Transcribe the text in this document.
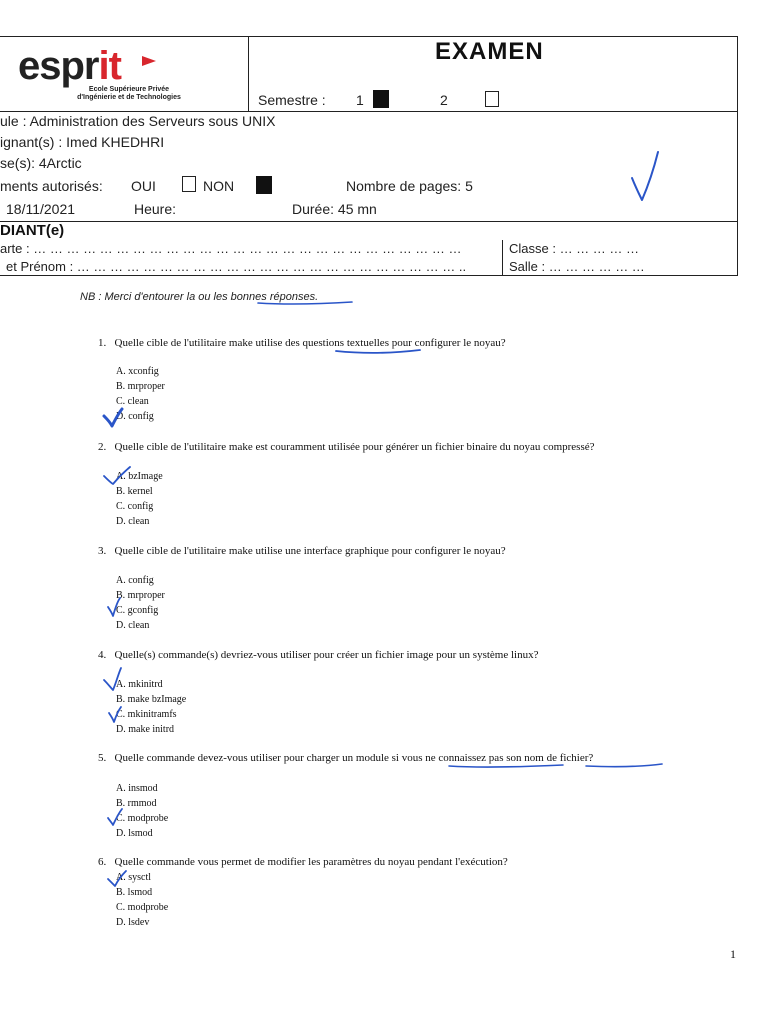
esprit
Ecole Supérieure Privée
d'Ingénierie et de Technologies
EXAMEN
Semestre : 1	2
ule : Administration des Serveurs sous UNIX
ignant(s) : Imed KHEDHRI
se(s): 4Arctic
ments autorisés: OUI	NON	Nombre de pages: 5
18/11/2021	Heure:	Durée: 45 mn
DIANT(e)
arte : … … … … … … … … … … … … … … … … … … … … … … … … … …
et Prénom : … … … … … … … … … … … … … … … … … … … … … … … ..
Classe : … … … … …
Salle : … … … … … …
NB : Merci d'entourer la ou les bonnes réponses.
1. Quelle cible de l'utilitaire make utilise des questions textuelles pour configurer le noyau?
A. xconfig
B. mrproper
C. clean
D. config
2. Quelle cible de l'utilitaire make est couramment utilisée pour générer un fichier binaire du noyau compressé?
A. bzImage
B. kernel
C. config
D. clean
3. Quelle cible de l'utilitaire make utilise une interface graphique pour configurer le noyau?
A. config
B. mrproper
C. gconfig
D. clean
4. Quelle(s) commande(s) devriez-vous utiliser pour créer un fichier image pour un système linux?
A. mkinitrd
B. make bzImage
C. mkinitramfs
D. make initrd
5. Quelle commande devez-vous utiliser pour charger un module si vous ne connaissez pas son nom de fichier?
A. insmod
B. rmmod
C. modprobe
D. lsmod
6. Quelle commande vous permet de modifier les paramètres du noyau pendant l'exécution?
A. sysctl
B. lsmod
C. modprobe
D. lsdev
1
